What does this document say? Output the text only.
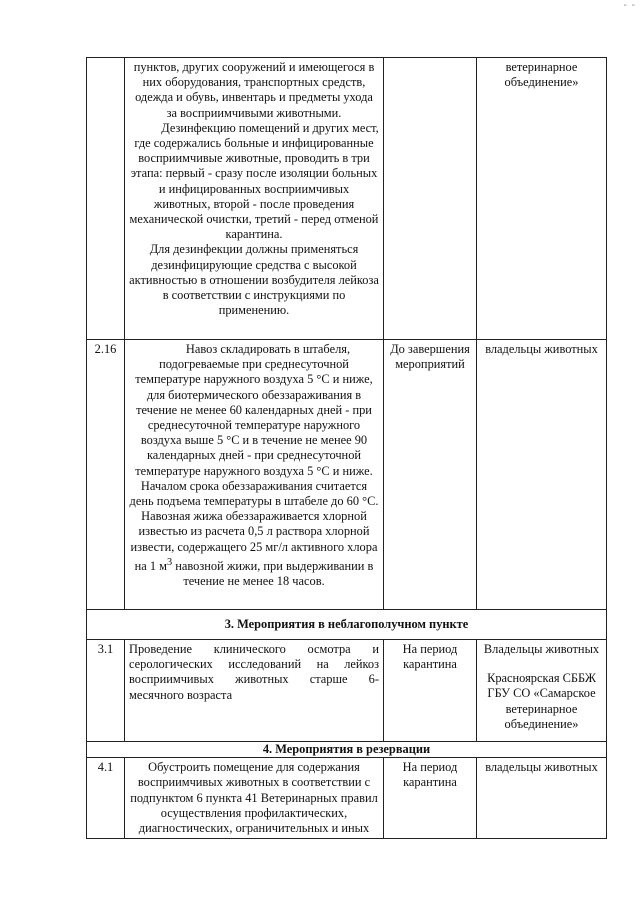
- -

	пунктов, других сооружений и имеющегося в них оборудования, транспортных средств, одежда и обувь, инвентарь и предметы ухода за восприимчивыми животными.

Дезинфекцию помещений и других мест, где содержались больные и инфицированные восприимчивые животные, проводить в три этапа: первый - сразу после изоляции больных и инфицированных восприимчивых животных, второй - после проведения механической очистки, третий - перед отменой карантина.

Для дезинфекции должны применяться дезинфицирующие средства с высокой активностью в отношении возбудителя лейкоза в соответствии с инструкциями по применению.		ветеринарное объединение»
2.16	Навоз складировать в штабеля, подогреваемые при среднесуточной температуре наружного воздуха 5 °С и ниже, для биотермического обеззараживания в течение не менее 60 календарных дней - при среднесуточной температуре наружного воздуха выше 5 °С и в течение не менее 90 календарных дней - при среднесуточной температуре наружного воздуха 5 °С и ниже. Началом срока обеззараживания считается день подъема температуры в штабеле до 60 °С. Навозная жижа обеззараживается хлорной известью из расчета 0,5 л раствора хлорной извести, содержащего 25 мг/л активного хлора на 1 $м^3$ навозной жижи, при выдерживании в течение не менее 18 часов.	До завершения мероприятий	владельцы животных
3. Мероприятия в неблагополучном пункте			
3.1	Проведение клинического осмотра и серологических исследований на лейкоз восприимчивых животных старше 6-месячного возраста	На период карантина	Владельцы животных

Красноярская СББЖ ГБУ СО «Самарское ветеринарное объединение»

4. Мероприятия в резервации			
4.1	Обустроить помещение для содержания восприимчивых животных в соответствии с подпунктом 6 пункта 41 Ветеринарных правил осуществления профилактических, диагностических, ограничительных и иных	На период карантина	владельцы животных
